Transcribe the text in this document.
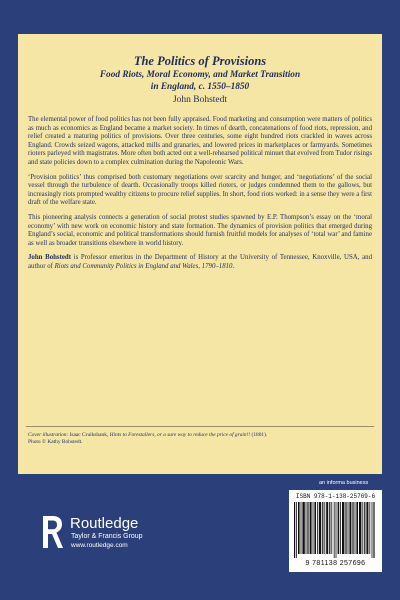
The Politics of Provisions

Food Riots, Moral Economy, and Market Transition

in England, c. 1550–1850

John Bohstedt

The elemental power of food politics has not been fully appraised. Food marketing and consumption were matters of politics as much as economics as England became a market society. In times of dearth, concatenations of food riots, repression, and relief created a maturing politics of provisions. Over three centuries, some eight hundred riots crackled in waves across England. Crowds seized wagons, attacked mills and granaries, and lowered prices in marketplaces or farmyards. Sometimes rioters parleyed with magistrates. More often both acted out a well-rehearsed political minuet that evolved from Tudor risings and state policies down to a complex culmination during the Napoleonic Wars.

‘Provision politics’ thus comprised both customary negotiations over scarcity and hunger, and ‘negotiations’ of the social vessel through the turbulence of dearth. Occasionally troops killed rioters, or judges condemned them to the gallows, but increasingly riots prompted wealthy citizens to procure relief supplies. In short, food riots worked: in a sense they were a first draft of the welfare state.

This pioneering analysis connects a generation of social protest studies spawned by E.P. Thompson’s essay on the ‘moral economy’ with new work on economic history and state formation. The dynamics of provision politics that emerged during England’s social, economic and political transformations should furnish fruitful models for analyses of ‘total war’ and famine as well as broader transitions elsewhere in world history.

John Bohstedt is Professor emeritus in the Department of History at the University of Tennessee, Knoxville, USA, and author of Riots and Community Politics in England and Wales, 1790–1810.

Cover illustration: Isaac Cruikshank, Hints to Forestallers, or a sure way to reduce the price of grain!! (1801).
Photo © Kathy Bohstedt.
an informa business
ISBN 978-1-138-25769-6
9 781138 257696
Routledge
Taylor & Francis Group
www.routledge.com
